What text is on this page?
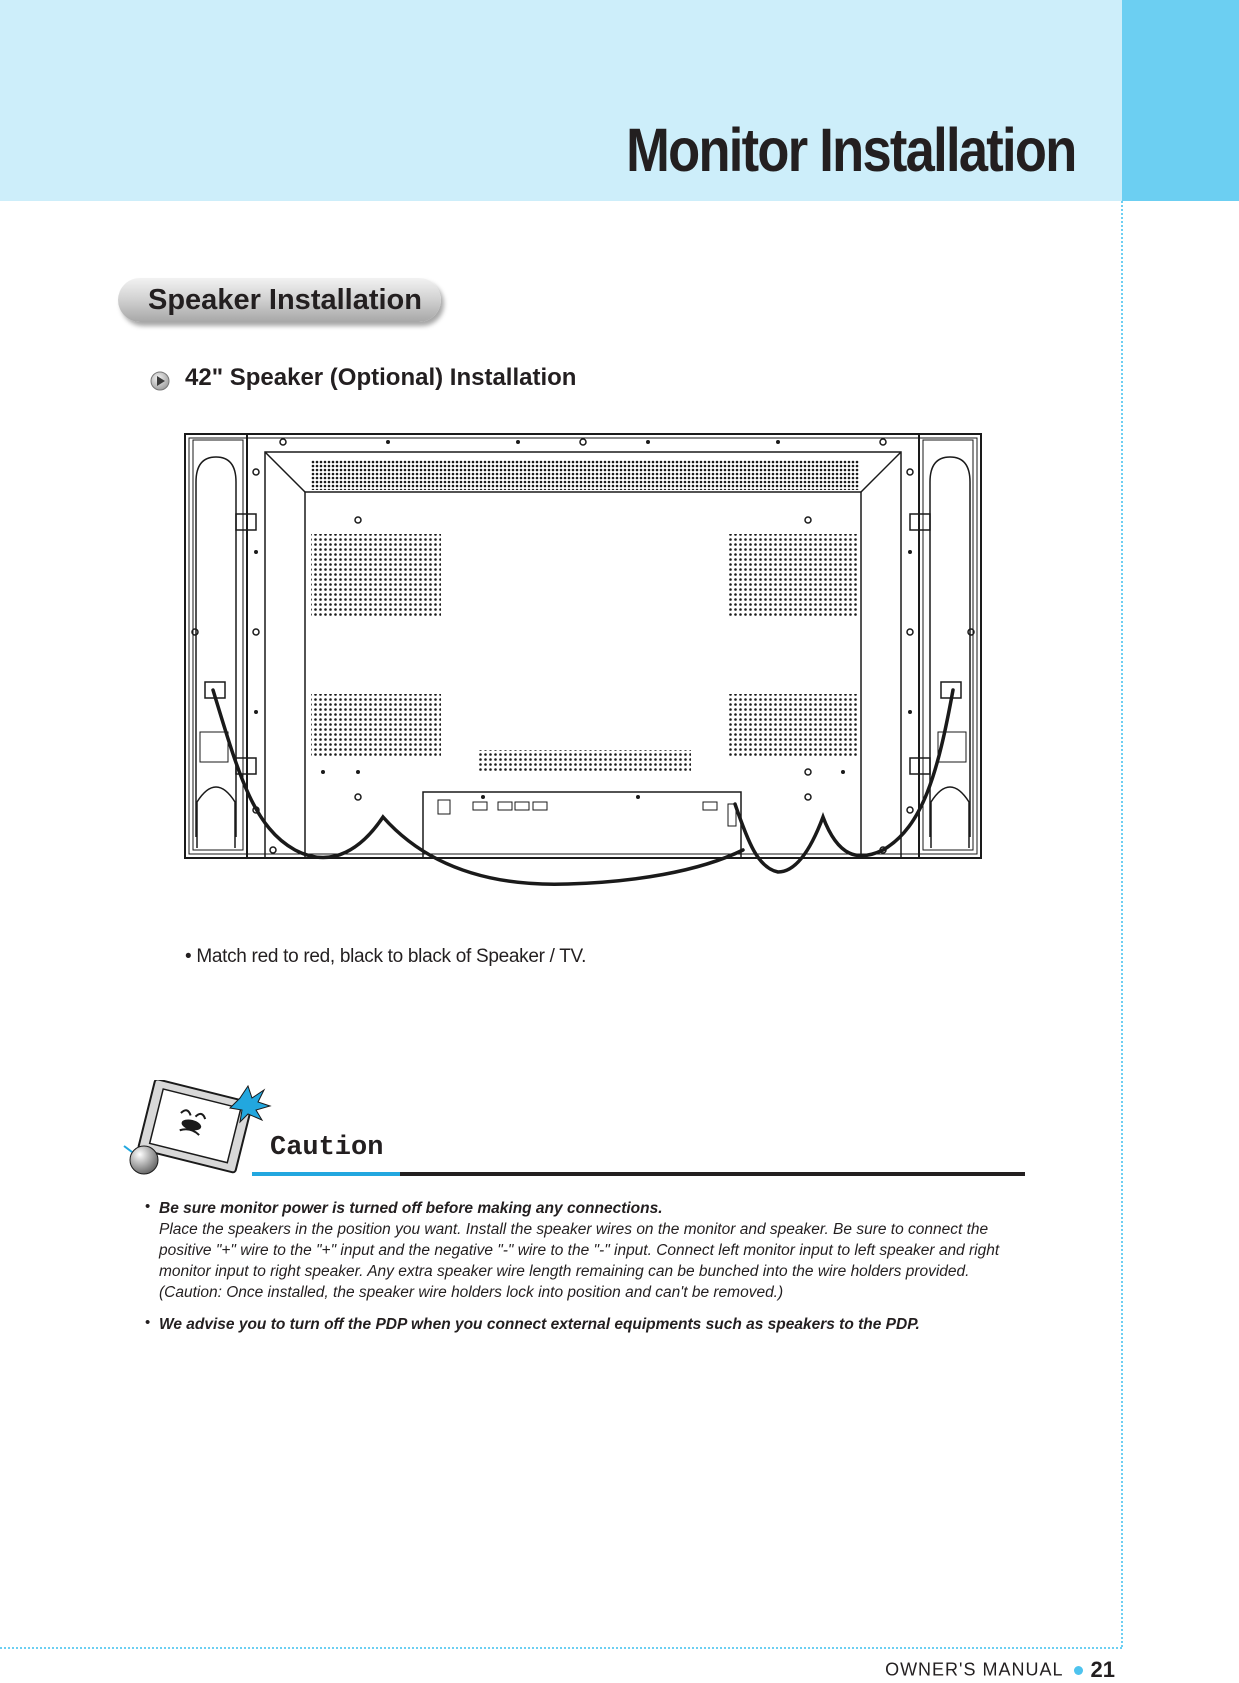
Monitor Installation
Speaker Installation
42" Speaker (Optional) Installation
• Match red to red, black to black of Speaker / TV.
Caution
• Be sure monitor power is turned off before making any connections.
Place the speakers in the position you want. Install the speaker wires on the monitor and speaker. Be sure to connect the positive "+" wire to the "+" input and the negative "-" wire to the "-" input. Connect left monitor input to left speaker and right monitor input to right speaker. Any extra speaker wire length remaining can be bunched into the wire holders provided. (Caution: Once installed, the speaker wire holders lock into position and can't be removed.)
• We advise you to turn off the PDP when you connect external equipments such as speakers to the PDP.
OWNER'S MANUAL 21
